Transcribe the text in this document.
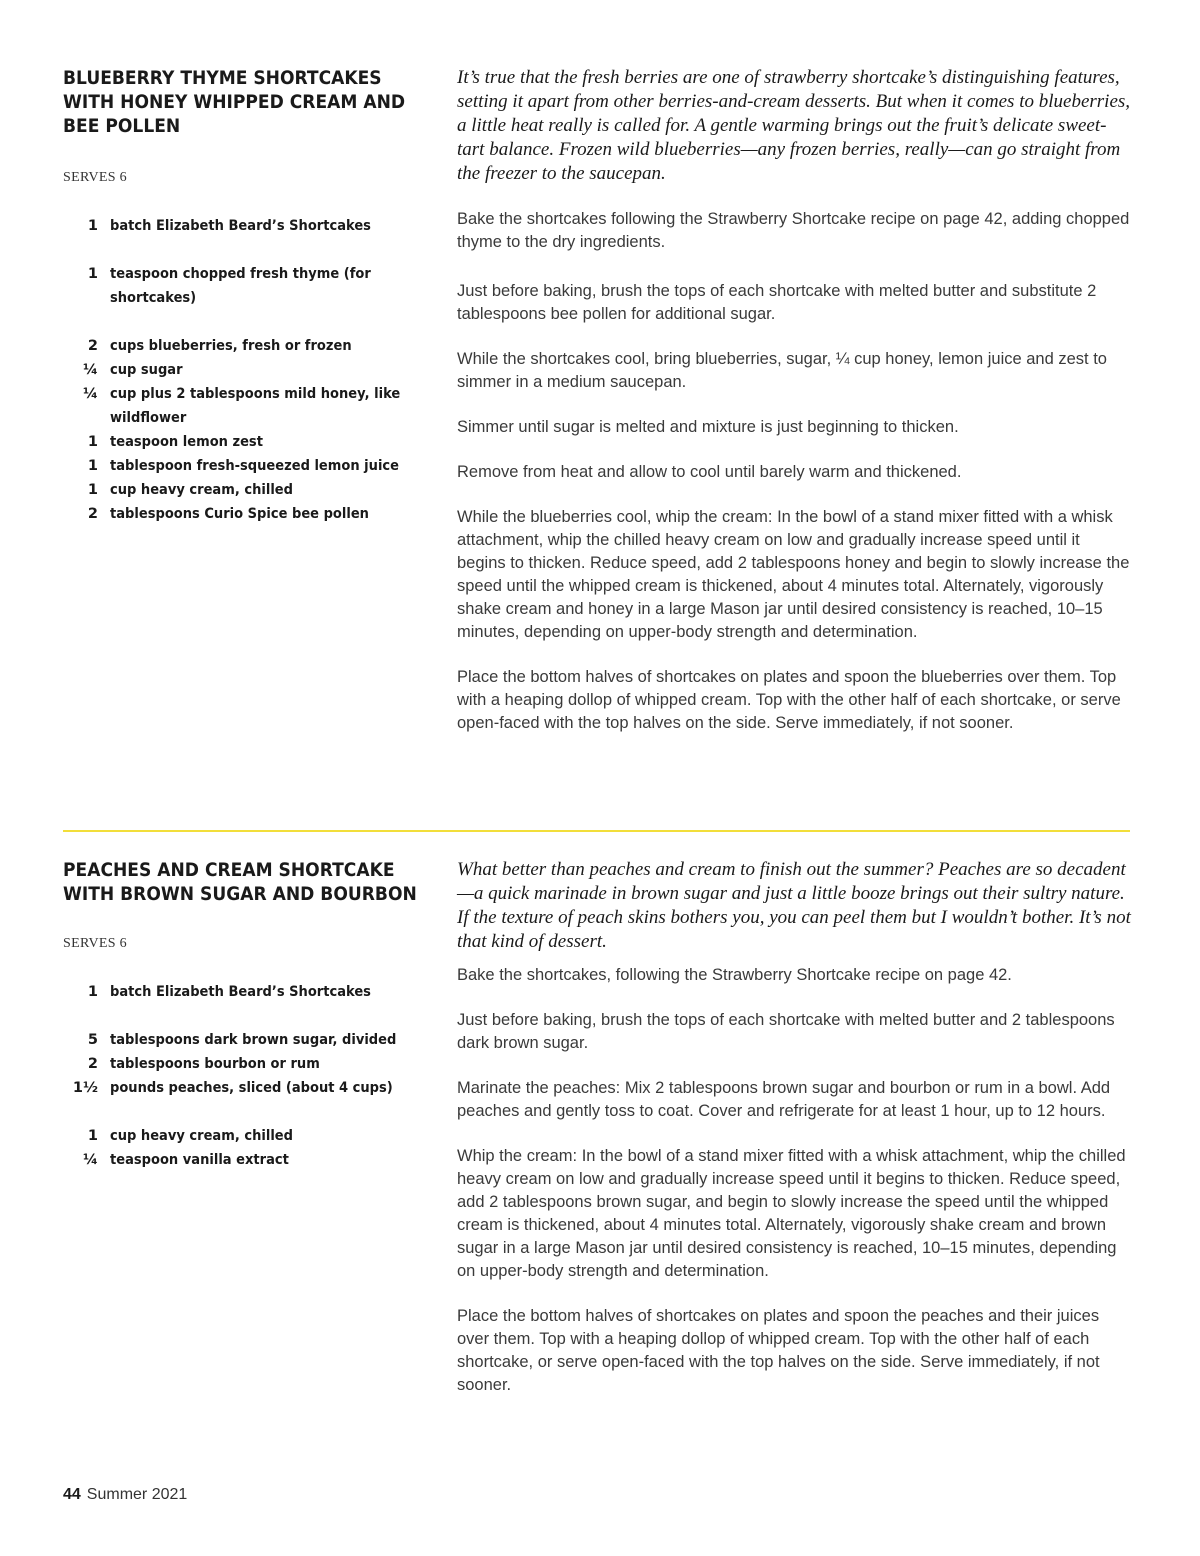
BLUEBERRY THYME SHORTCAKES WITH HONEY WHIPPED CREAM AND BEE POLLEN
SERVES 6
1 batch Elizabeth Beard’s Shortcakes
1 teaspoon chopped fresh thyme (for shortcakes)
2 cups blueberries, fresh or frozen
¼ cup sugar
¼ cup plus 2 tablespoons mild honey, like wildflower
1 teaspoon lemon zest
1 tablespoon fresh-squeezed lemon juice
1 cup heavy cream, chilled
2 tablespoons Curio Spice bee pollen

It’s true that the fresh berries are one of strawberry shortcake’s distinguishing features, setting it apart from other berries-and-cream desserts. But when it comes to blueberries, a little heat really is called for. A gentle warming brings out the fruit’s delicate sweet-tart balance. Frozen wild blueberries—any frozen berries, really—can go straight from the freezer to the saucepan.

Bake the shortcakes following the Strawberry Shortcake recipe on page 42, adding chopped thyme to the dry ingredients.

Just before baking, brush the tops of each shortcake with melted butter and substitute 2 tablespoons bee pollen for additional sugar.

While the shortcakes cool, bring blueberries, sugar, ¼ cup honey, lemon juice and zest to simmer in a medium saucepan.

Simmer until sugar is melted and mixture is just beginning to thicken.

Remove from heat and allow to cool until barely warm and thickened.

While the blueberries cool, whip the cream: In the bowl of a stand mixer fitted with a whisk attachment, whip the chilled heavy cream on low and gradually increase speed until it begins to thicken. Reduce speed, add 2 tablespoons honey and begin to slowly increase the speed until the whipped cream is thickened, about 4 minutes total. Alternately, vigorously shake cream and honey in a large Mason jar until desired consistency is reached, 10–15 minutes, depending on upper-body strength and determination.

Place the bottom halves of shortcakes on plates and spoon the blueberries over them. Top with a heaping dollop of whipped cream. Top with the other half of each shortcake, or serve open-faced with the top halves on the side. Serve immediately, if not sooner.

PEACHES AND CREAM SHORTCAKE WITH BROWN SUGAR AND BOURBON
SERVES 6
1 batch Elizabeth Beard’s Shortcakes
5 tablespoons dark brown sugar, divided
2 tablespoons bourbon or rum
1½ pounds peaches, sliced (about 4 cups)
1 cup heavy cream, chilled
¼ teaspoon vanilla extract

What better than peaches and cream to finish out the summer? Peaches are so decadent—a quick marinade in brown sugar and just a little booze brings out their sultry nature. If the texture of peach skins bothers you, you can peel them but I wouldn’t bother. It’s not that kind of dessert.

Bake the shortcakes, following the Strawberry Shortcake recipe on page 42.

Just before baking, brush the tops of each shortcake with melted butter and 2 tablespoons dark brown sugar.

Marinate the peaches: Mix 2 tablespoons brown sugar and bourbon or rum in a bowl. Add peaches and gently toss to coat. Cover and refrigerate for at least 1 hour, up to 12 hours.

Whip the cream: In the bowl of a stand mixer fitted with a whisk attachment, whip the chilled heavy cream on low and gradually increase speed until it begins to thicken. Reduce speed, add 2 tablespoons brown sugar, and begin to slowly increase the speed until the whipped cream is thickened, about 4 minutes total. Alternately, vigorously shake cream and brown sugar in a large Mason jar until desired consistency is reached, 10–15 minutes, depending on upper-body strength and determination.

Place the bottom halves of shortcakes on plates and spoon the peaches and their juices over them. Top with a heaping dollop of whipped cream. Top with the other half of each shortcake, or serve open-faced with the top halves on the side. Serve immediately, if not sooner.

44 Summer 2021
